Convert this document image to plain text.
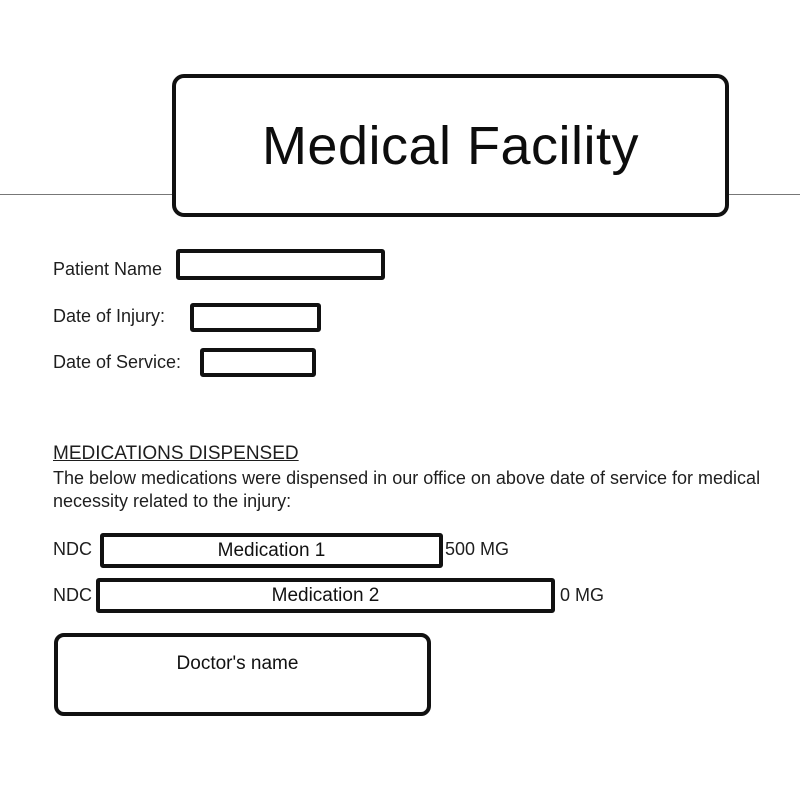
Medical Facility
Patient Name
Date of Injury:
Date of Service:
MEDICATIONS DISPENSED
The below medications were dispensed in our office on above date of service for medical necessity related to the injury:
NDC	Medication 1	500 MG
NDC	Medication 2	0 MG
Doctor's name
